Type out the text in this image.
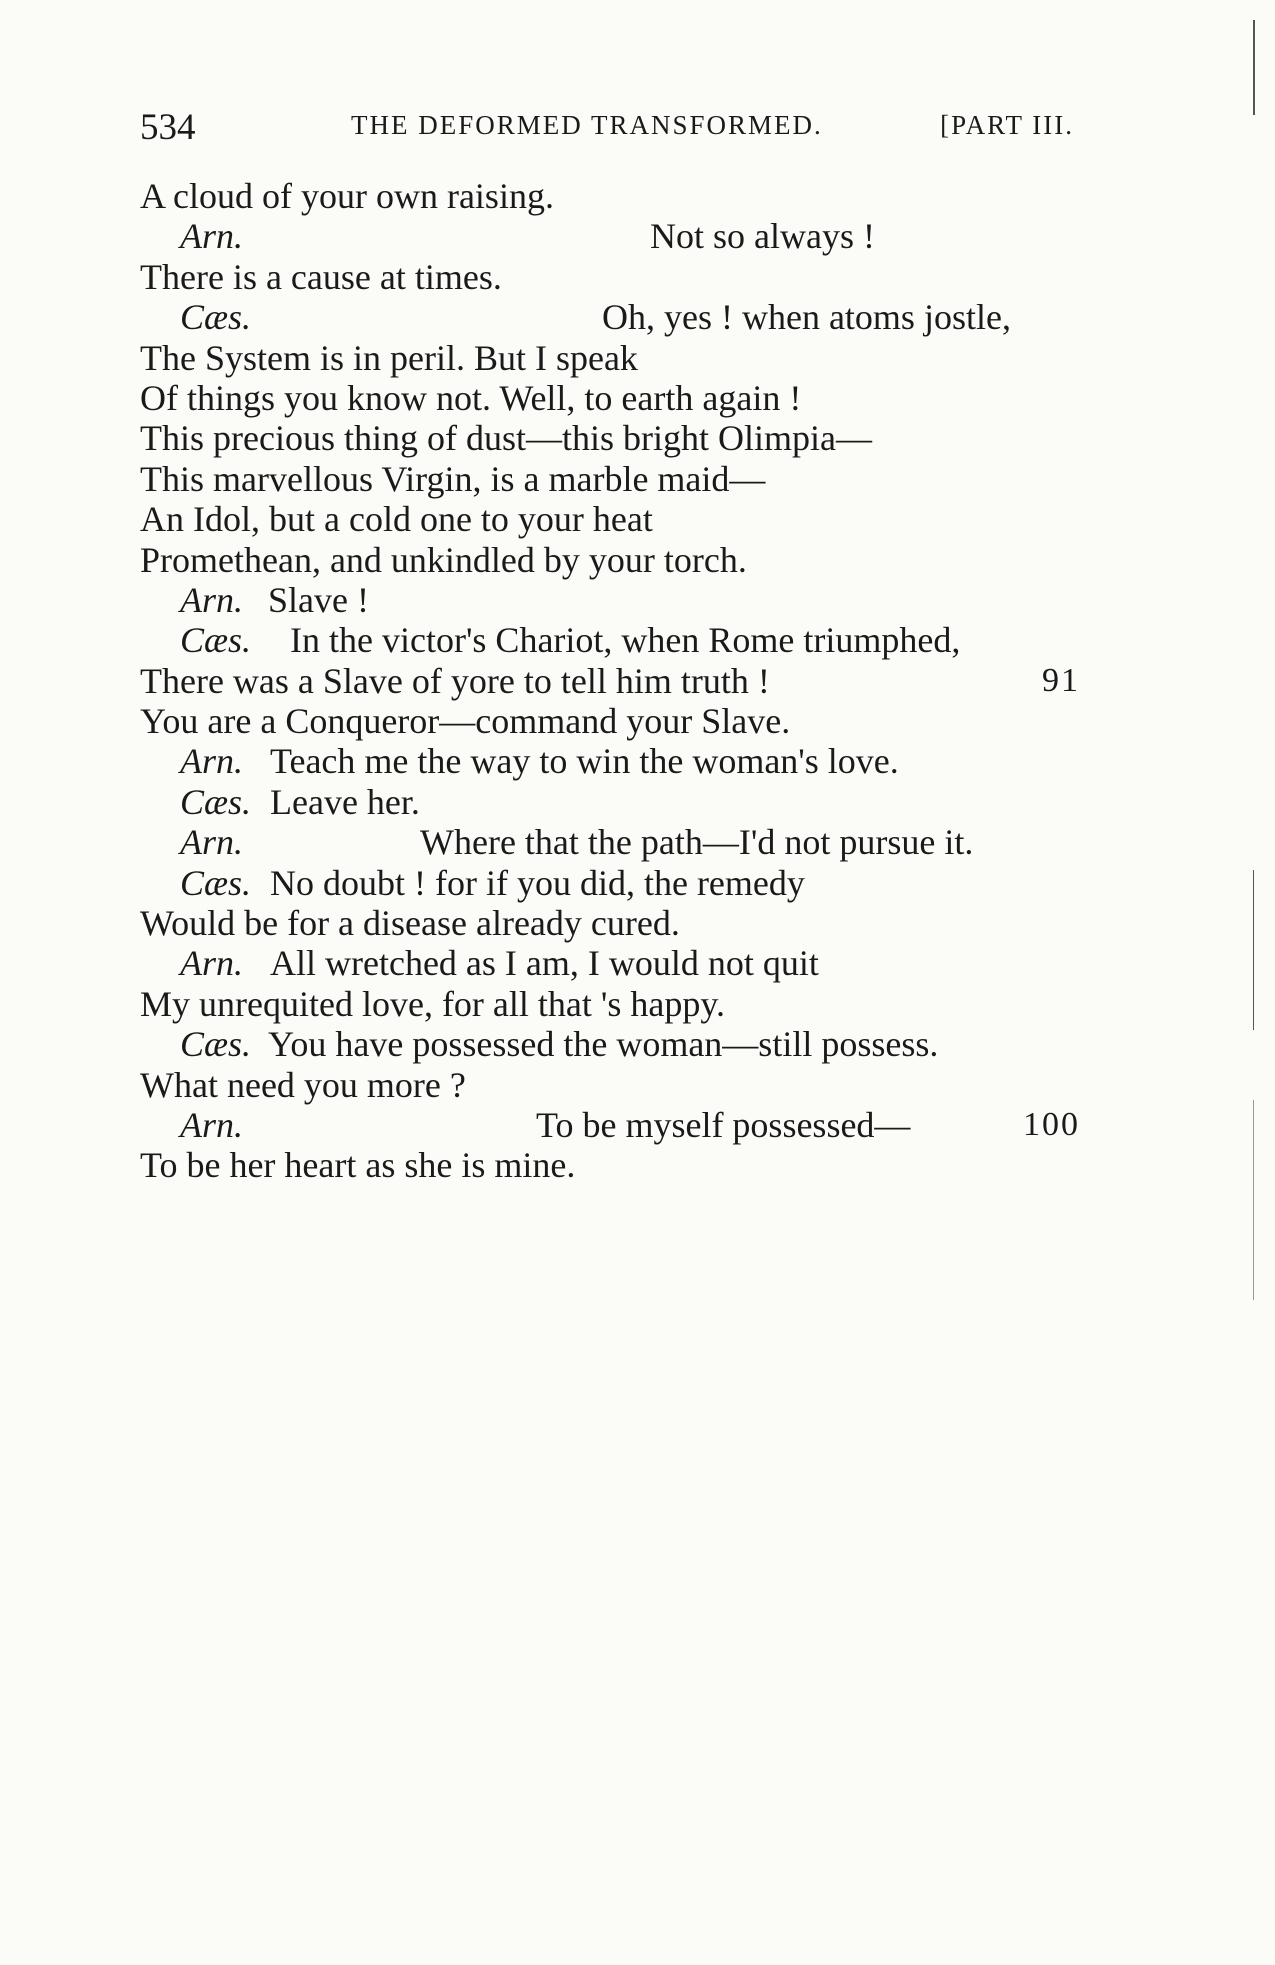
534	THE DEFORMED TRANSFORMED.	[PART III.
A cloud of your own raising.
Arn.	Not so always !
There is a cause at times.
Cæs.	Oh, yes ! when atoms jostle,
The System is in peril. But I speak
Of things you know not. Well, to earth again !
This precious thing of dust—this bright Olimpia—
This marvellous Virgin, is a marble maid—
An Idol, but a cold one to your heat
Promethean, and unkindled by your torch.
Arn. Slave !
Cæs. In the victor's Chariot, when Rome triumphed,
There was a Slave of yore to tell him truth !	91
You are a Conqueror—command your Slave.
Arn. Teach me the way to win the woman's love.
Cæs. Leave her.
Arn.	Where that the path—I'd not pursue it.
Cæs. No doubt ! for if you did, the remedy
Would be for a disease already cured.
Arn. All wretched as I am, I would not quit
My unrequited love, for all that 's happy.
Cæs. You have possessed the woman—still possess.
What need you more ?
Arn.	To be myself possessed—	100
To be her heart as she is mine.
